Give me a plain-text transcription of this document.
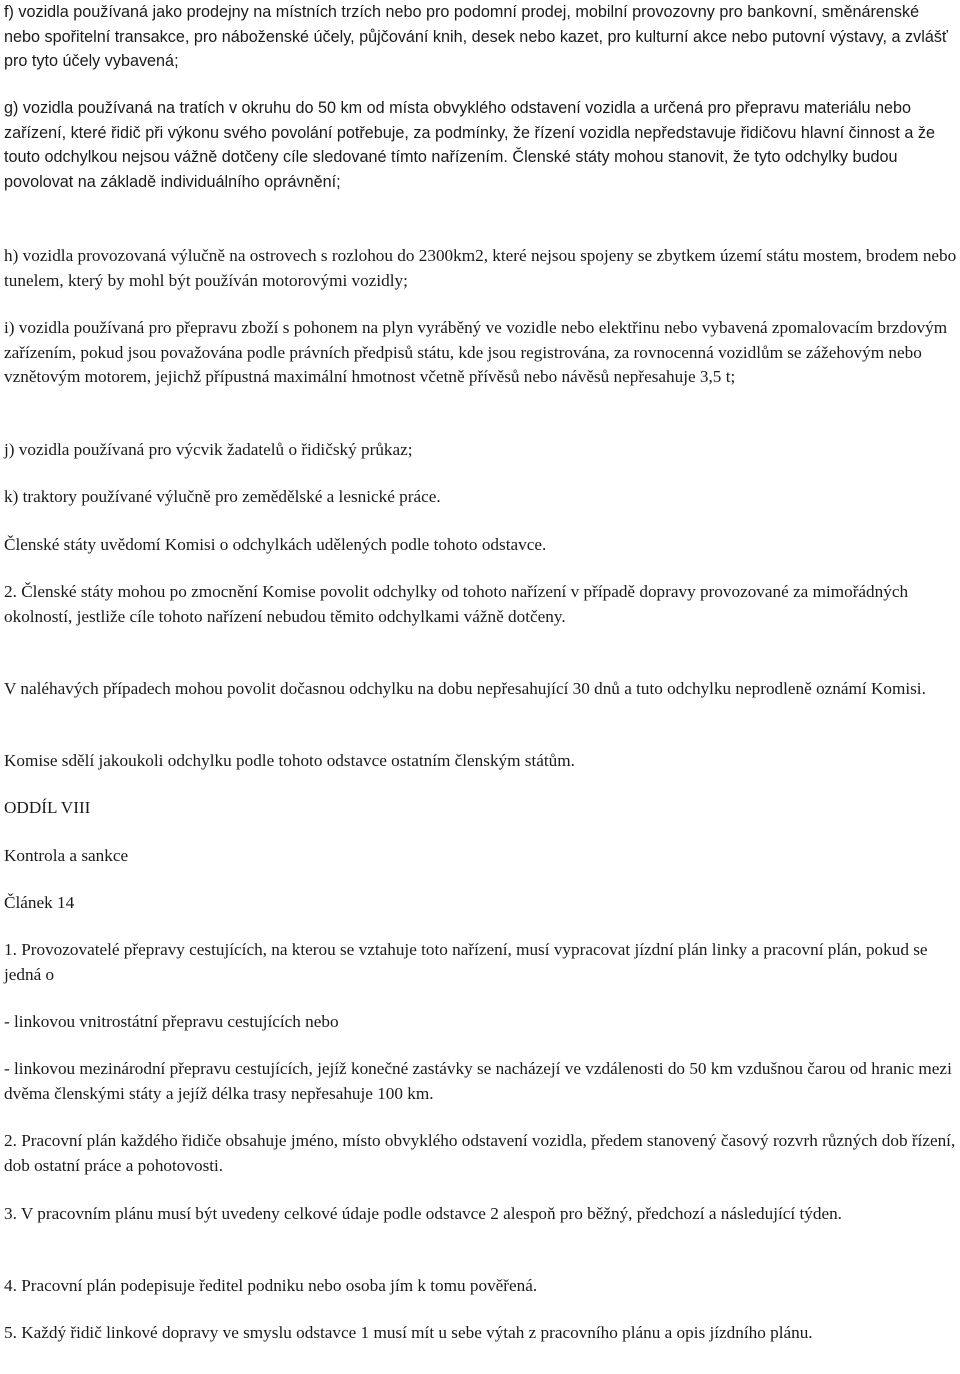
f) vozidla používaná jako prodejny na místních trzích nebo pro podomní prodej, mobilní provozovny pro bankovní, směnárenské nebo spořitelní transakce, pro náboženské účely, půjčování knih, desek nebo kazet, pro kulturní akce nebo putovní výstavy, a zvlášť pro tyto účely vybavená;

g) vozidla používaná na tratích v okruhu do 50 km od místa obvyklého odstavení vozidla a určená pro přepravu materiálu nebo zařízení, které řidič při výkonu svého povolání potřebuje, za podmínky, že řízení vozidla nepředstavuje řidičovu hlavní činnost a že touto odchylkou nejsou vážně dotčeny cíle sledované tímto nařízením. Členské státy mohou stanovit, že tyto odchylky budou povolovat na základě individuálního oprávnění;

h) vozidla provozovaná výlučně na ostrovech s rozlohou do 2300km2, které nejsou spojeny se zbytkem území státu mostem, brodem nebo tunelem, který by mohl být používán motorovými vozidly;

i) vozidla používaná pro přepravu zboží s pohonem na plyn vyráběný ve vozidle nebo elektřinu nebo vybavená zpomalovacím brzdovým zařízením, pokud jsou považována podle právních předpisů státu, kde jsou registrována, za rovnocenná vozidlům se zážehovým nebo vznětovým motorem, jejichž přípustná maximální hmotnost včetně přívěsů nebo návěsů nepřesahuje 3,5 t;

j) vozidla používaná pro výcvik žadatelů o řidičský průkaz;

k) traktory používané výlučně pro zemědělské a lesnické práce.

Členské státy uvědomí Komisi o odchylkách udělených podle tohoto odstavce.

2. Členské státy mohou po zmocnění Komise povolit odchylky od tohoto nařízení v případě dopravy provozované za mimořádných okolností, jestliže cíle tohoto nařízení nebudou těmito odchylkami vážně dotčeny.

V naléhavých případech mohou povolit dočasnou odchylku na dobu nepřesahující 30 dnů a tuto odchylku neprodleně oznámí Komisi.

Komise sdělí jakoukoli odchylku podle tohoto odstavce ostatním členským státům.

ODDÍL VIII

Kontrola a sankce

Článek 14

1. Provozovatelé přepravy cestujících, na kterou se vztahuje toto nařízení, musí vypracovat jízdní plán linky a pracovní plán, pokud se jedná o

- linkovou vnitrostátní přepravu cestujících nebo

- linkovou mezinárodní přepravu cestujících, jejíž konečné zastávky se nacházejí ve vzdálenosti do 50 km vzdušnou čarou od hranic mezi dvěma členskými státy a jejíž délka trasy nepřesahuje 100 km.

2. Pracovní plán každého řidiče obsahuje jméno, místo obvyklého odstavení vozidla, předem stanovený časový rozvrh různých dob řízení, dob ostatní práce a pohotovosti.

3. V pracovním plánu musí být uvedeny celkové údaje podle odstavce 2 alespoň pro běžný, předchozí a následující týden.

4. Pracovní plán podepisuje ředitel podniku nebo osoba jím k tomu pověřená.

5. Každý řidič linkové dopravy ve smyslu odstavce 1 musí mít u sebe výtah z pracovního plánu a opis jízdního plánu.
